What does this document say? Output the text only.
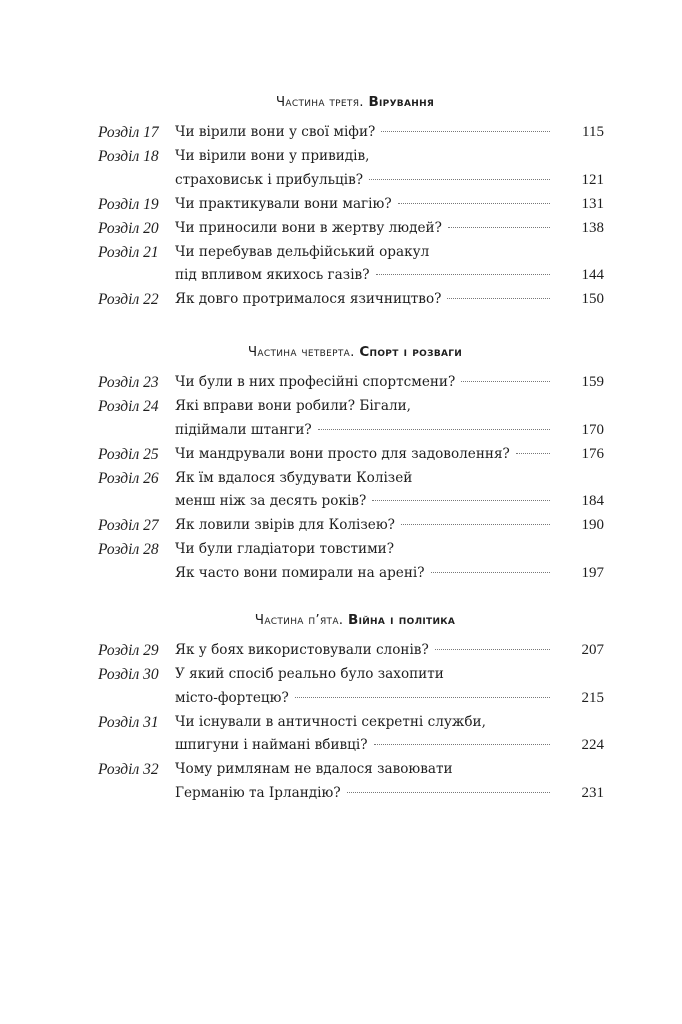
Частина третя. Вірування
Розділ 17	Чи вірили вони у свої міфи?	115
Розділ 18	Чи вірили вони у привидів,
страховиськ і прибульців?	121
Розділ 19	Чи практикували вони магію?	131
Розділ 20	Чи приносили вони в жертву людей?	138
Розділ 21	Чи перебував дельфійський оракул
під впливом якихось газів?	144
Розділ 22	Як довго протрималося язичництво?	150
Частина четверта. Спорт і розваги
Розділ 23	Чи були в них професійні спортсмени?	159
Розділ 24	Які вправи вони робили? Бігали,
підіймали штанги?	170
Розділ 25	Чи мандрували вони просто для задоволення?	176
Розділ 26	Як їм вдалося збудувати Колізей
менш ніж за десять років?	184
Розділ 27	Як ловили звірів для Колізею?	190
Розділ 28	Чи були гладіатори товстими?
Як часто вони помирали на арені?	197
Частина п’ята. Війна і політика
Розділ 29	Як у боях використовували слонів?	207
Розділ 30	У який спосіб реально було захопити
місто-фортецю?	215
Розділ 31	Чи існували в античності секретні служби,
шпигуни і наймані вбивці?	224
Розділ 32	Чому римлянам не вдалося завоювати
Германію та Ірландію?	231
